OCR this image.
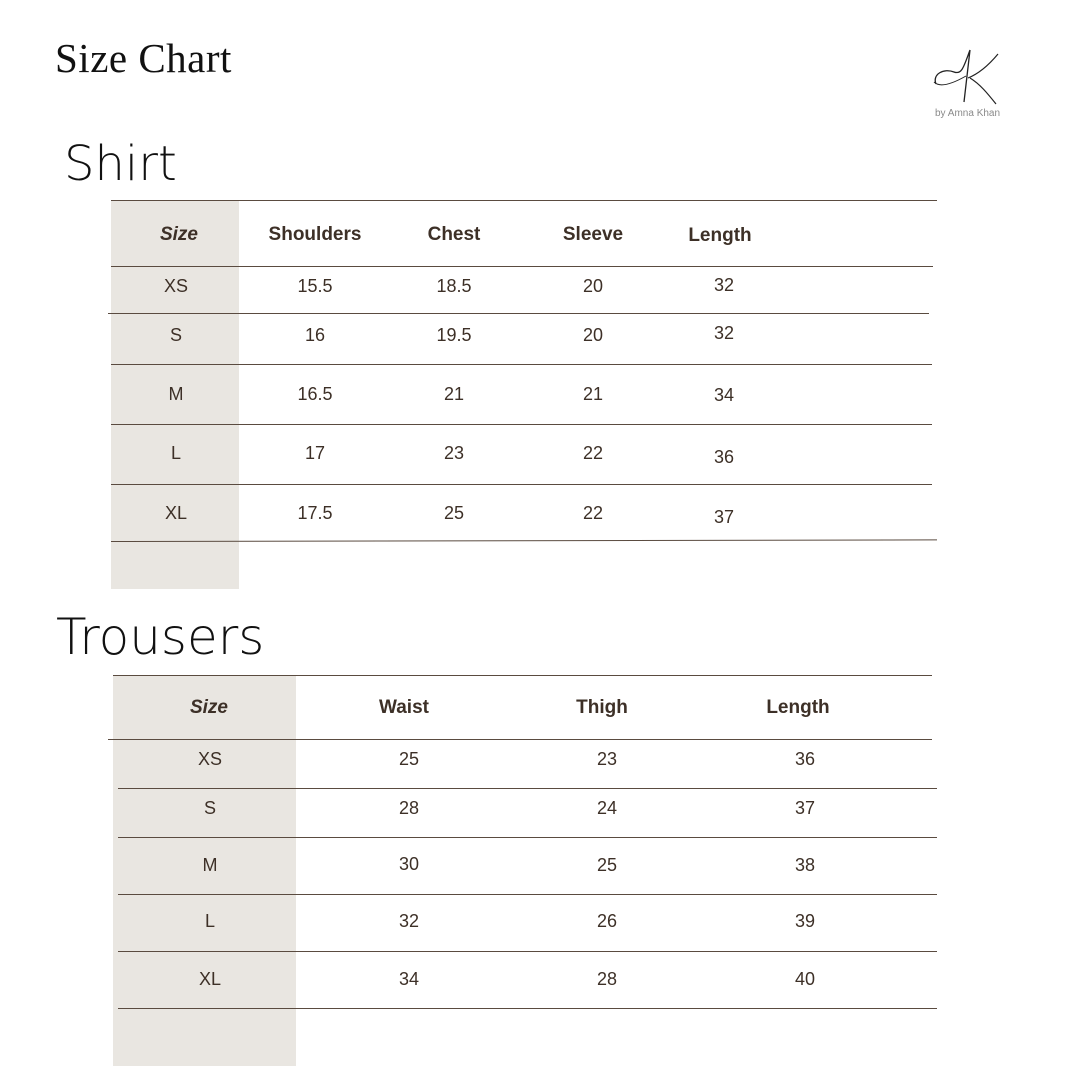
Size Chart
by Amna Khan
Shirt
Size	Shoulders	Chest	Sleeve	Length
XS	15.5	18.5	20	32
S	16	19.5	20	32
M	16.5	21	21	34
L	17	23	22	36
XL	17.5	25	22	37
Trousers
Size	Waist	Thigh	Length
XS	25	23	36
S	28	24	37
M	30	25	38
L	32	26	39
XL	34	28	40
